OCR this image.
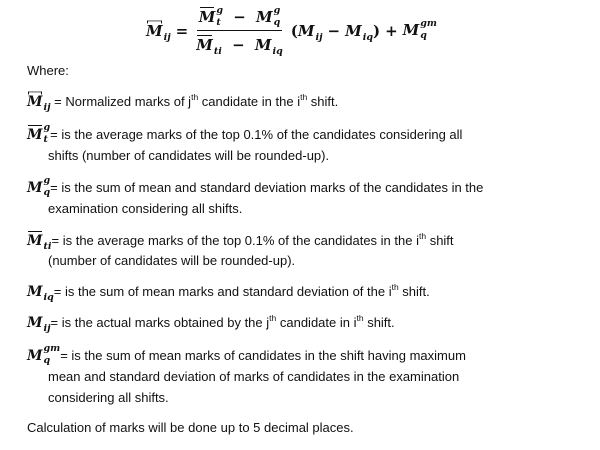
$M_{ij} = M$ g
t − M g
q
$M_{ti} - M_{iq}$ ( $M_{ij} - M_{iq}$ ) + M gm
q
Where:
$M_{ij}$ = Normalized marks of $j^{th}$ candidate in the $i^{th}$ shift.
M g
t = is the average marks of the top 0.1% of the candidates considering all
shifts (number of candidates will be rounded-up).
M g
q = is the sum of mean and standard deviation marks of the candidates in the
examination considering all shifts.
$M_{ti}=$ is the average marks of the top 0.1% of the candidates in the $i^{th}$ shift
(number of candidates will be rounded-up).
$M_{iq}=$ is the sum of mean marks and standard deviation of the $i^{th}$ shift.
$M_{ij}=$ is the actual marks obtained by the $j^{th}$ candidate in $i^{th}$ shift.
M gm
q = is the sum of mean marks of candidates in the shift having maximum
mean and standard deviation of marks of candidates in the examination
considering all shifts.
Calculation of marks will be done up to 5 decimal places.
